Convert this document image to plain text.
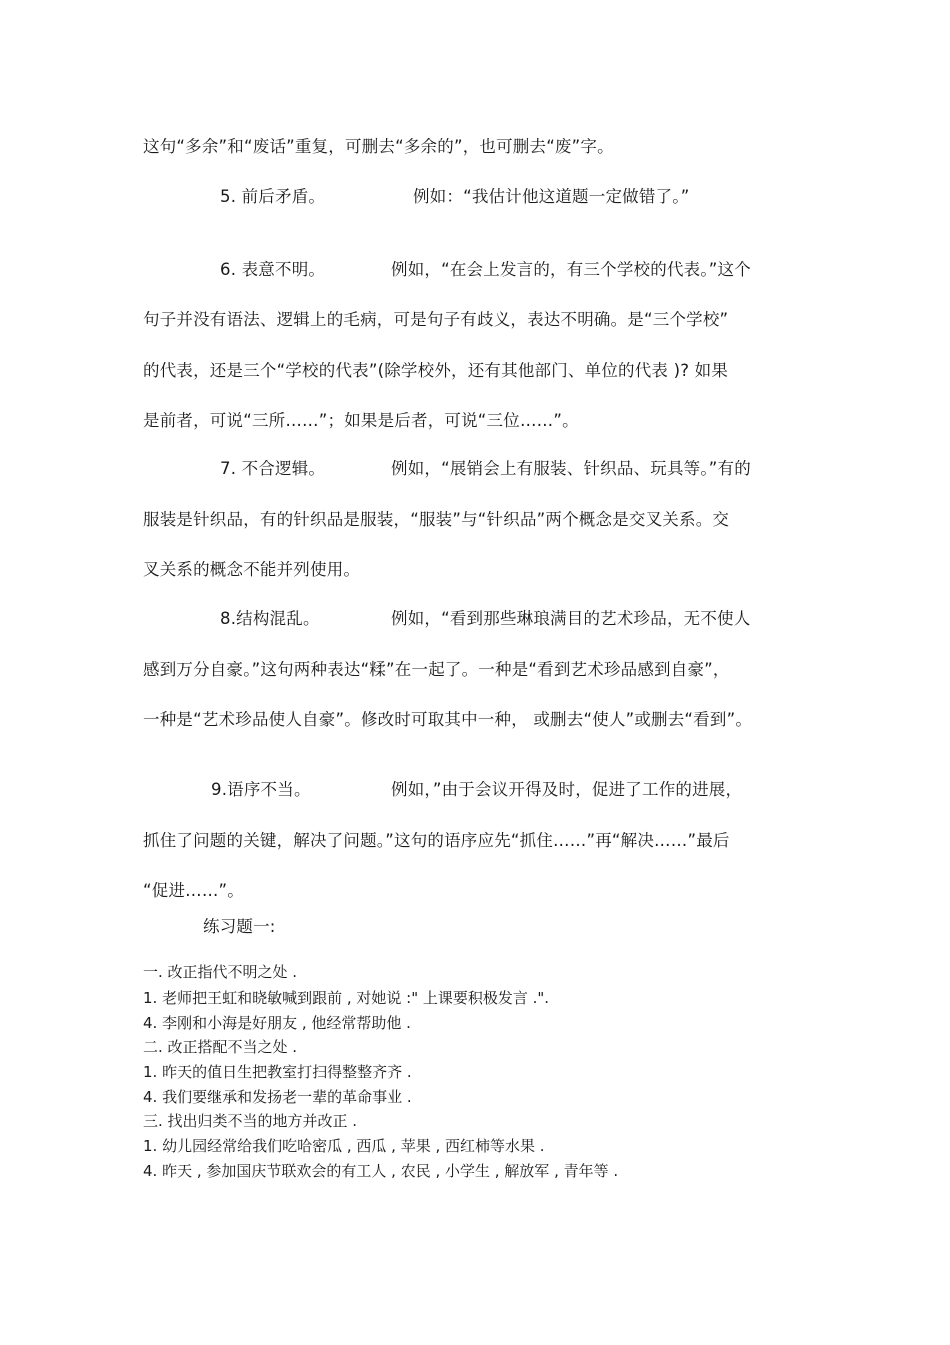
这句“多余”和“废话”重复，可删去“多余的”，也可删去“废”字。
5. 前后矛盾。	例如：“我估计他这道题一定做错了。”
6. 表意不明。	例如，“在会上发言的，有三个学校的代表。”这个
句子并没有语法、逻辑上的毛病，可是句子有歧义，表达不明确。是“三个学校”
的代表，还是三个“学校的代表”(除学校外，还有其他部门、单位的代表 )? 如果
是前者，可说“三所……”；如果是后者，可说“三位……”。
7. 不合逻辑。	例如，“展销会上有服装、针织品、玩具等。”有的
服装是针织品，有的针织品是服装，“服装”与“针织品”两个概念是交叉关系。交
叉关系的概念不能并列使用。
8.结构混乱。	例如，“看到那些琳琅满目的艺术珍品，无不使人
感到万分自豪。”这句两种表达“糅”在一起了。一种是“看到艺术珍品感到自豪”，
一种是“艺术珍品使人自豪”。修改时可取其中一种， 或删去“使人”或删去“看到”。
9.语序不当。	例如，”由于会议开得及时，促进了工作的进展，
抓住了问题的关键，解决了问题。”这句的语序应先“抓住……”再“解决……”最后
“促进……”。
练习题一:
一. 改正指代不明之处 .
1. 老师把王虹和晓敏喊到跟前 , 对她说 :" 上课要积极发言 .".
4. 李刚和小海是好朋友 , 他经常帮助他 .
二. 改正搭配不当之处 .
1. 昨天的值日生把教室打扫得整整齐齐 .
4. 我们要继承和发扬老一辈的革命事业 .
三. 找出归类不当的地方并改正 .
1. 幼儿园经常给我们吃哈密瓜 , 西瓜 , 苹果 , 西红柿等水果 .
4. 昨天 , 参加国庆节联欢会的有工人 , 农民 , 小学生 , 解放军 , 青年等 .
